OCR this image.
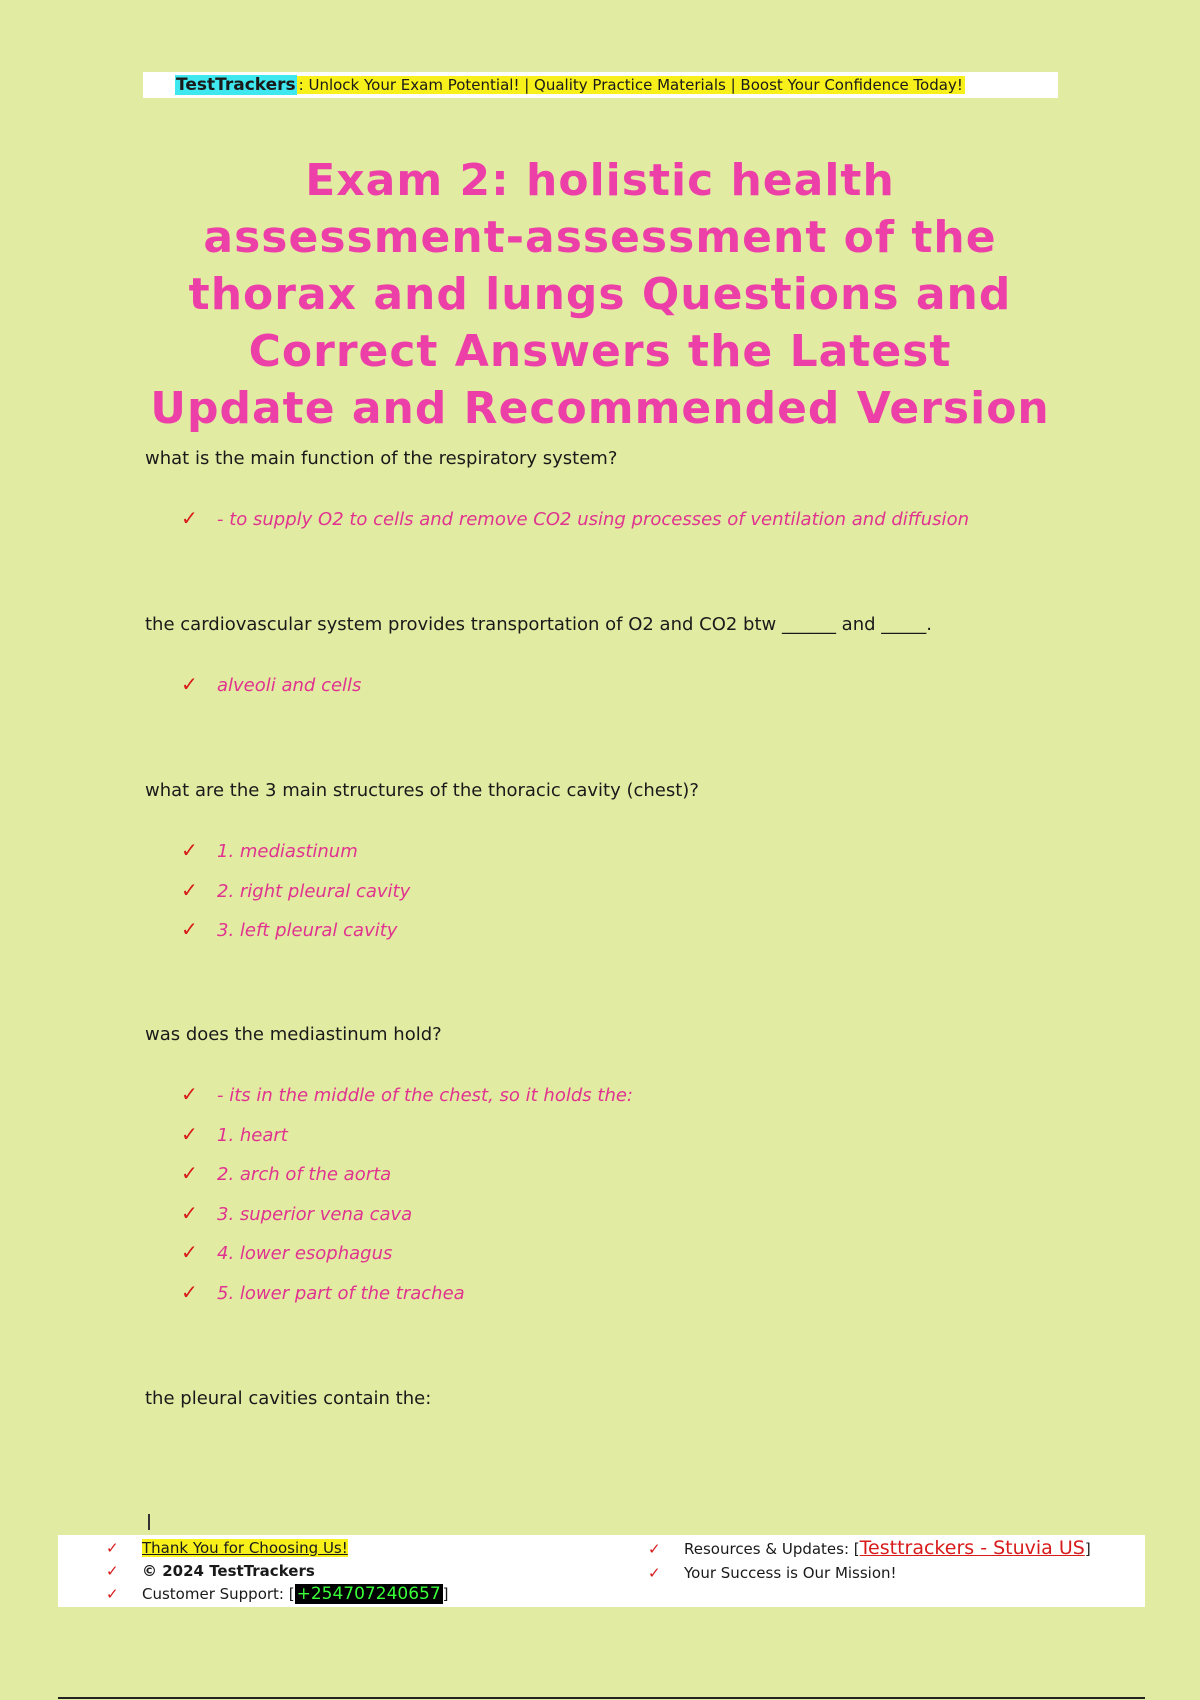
TestTrackers : Unlock Your Exam Potential! | Quality Practice Materials | Boost Your Confidence Today!
Exam 2: holistic health assessment-assessment of the thorax and lungs Questions and Correct Answers the Latest Update and Recommended Version

what is the main function of the respiratory system?

✓ - to supply O2 to cells and remove CO2 using processes of ventilation and diffusion

the cardiovascular system provides transportation of O2 and CO2 btw ______ and _____.

✓ alveoli and cells

what are the 3 main structures of the thoracic cavity (chest)?

✓ 1. mediastinum
✓ 2. right pleural cavity
✓ 3. left pleural cavity

was does the mediastinum hold?

✓ - its in the middle of the chest, so it holds the:
✓ 1. heart
✓ 2. arch of the aorta
✓ 3. superior vena cava
✓ 4. lower esophagus
✓ 5. lower part of the trachea

the pleural cavities contain the:

✓ Thank You for Choosing Us!
✓ © 2024 TestTrackers
✓ Customer Support: [ +254707240657 ]
✓ Resources & Updates: [Testtrackers - Stuvia US]
✓ Your Success is Our Mission!
